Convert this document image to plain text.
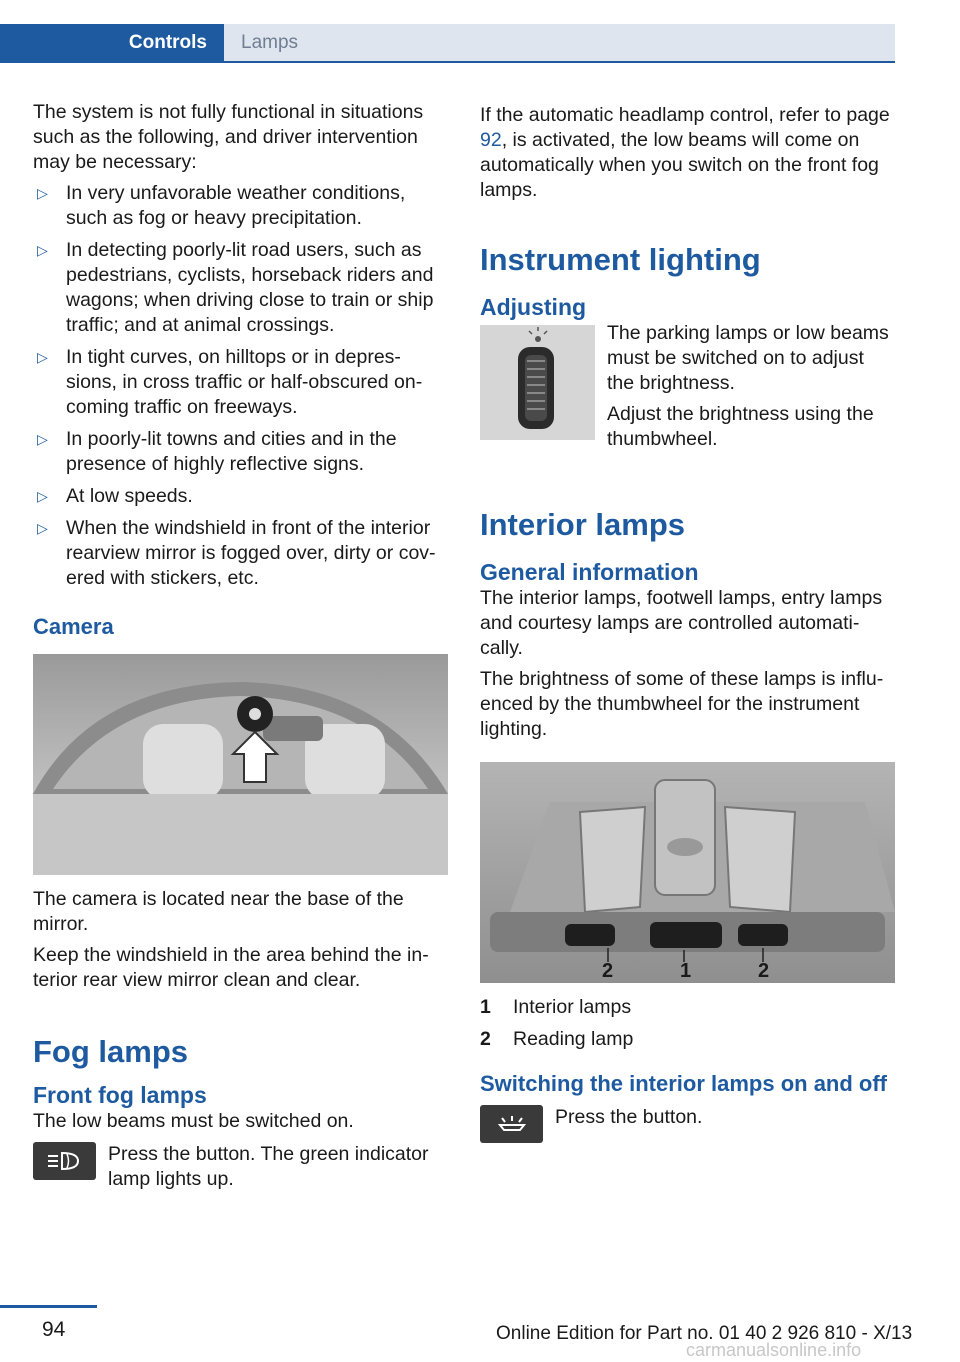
Controls Lamps

The system is not fully functional in situations such as the following, and driver intervention may be necessary:

▷ In very unfavorable weather conditions, such as fog or heavy precipitation.
▷ In detecting poorly-lit road users, such as pedestrians, cyclists, horseback riders and wagons; when driving close to train or ship traffic; and at animal crossings.
▷ In tight curves, on hilltops or in depres-sions, in cross traffic or half-obscured on-coming traffic on freeways.
▷ In poorly-lit towns and cities and in the presence of highly reflective signs.
▷ At low speeds.
▷ When the windshield in front of the interior rearview mirror is fogged over, dirty or cov-ered with stickers, etc.
Camera

The camera is located near the base of the mirror.

Keep the windshield in the area behind the in-terior rear view mirror clean and clear.

Fog lamps
Front fog lamps

The low beams must be switched on.

Press the button. The green indicator lamp lights up.

If the automatic headlamp control, refer to page 92, is activated, the low beams will come on automatically when you switch on the front fog lamps.

Instrument lighting
Adjusting

The parking lamps or low beams must be switched on to adjust the brightness.

Adjust the brightness using the thumbwheel.

Interior lamps
General information

The interior lamps, footwell lamps, entry lamps and courtesy lamps are controlled automati-cally.

The brightness of some of these lamps is influ-enced by the thumbwheel for the instrument lighting.

2	1	2
1	Interior lamps
2	Reading lamp
Switching the interior lamps on and off

Press the button.

94	Online Edition for Part no. 01 40 2 926 810 - X/13
carmanualsonline.info
